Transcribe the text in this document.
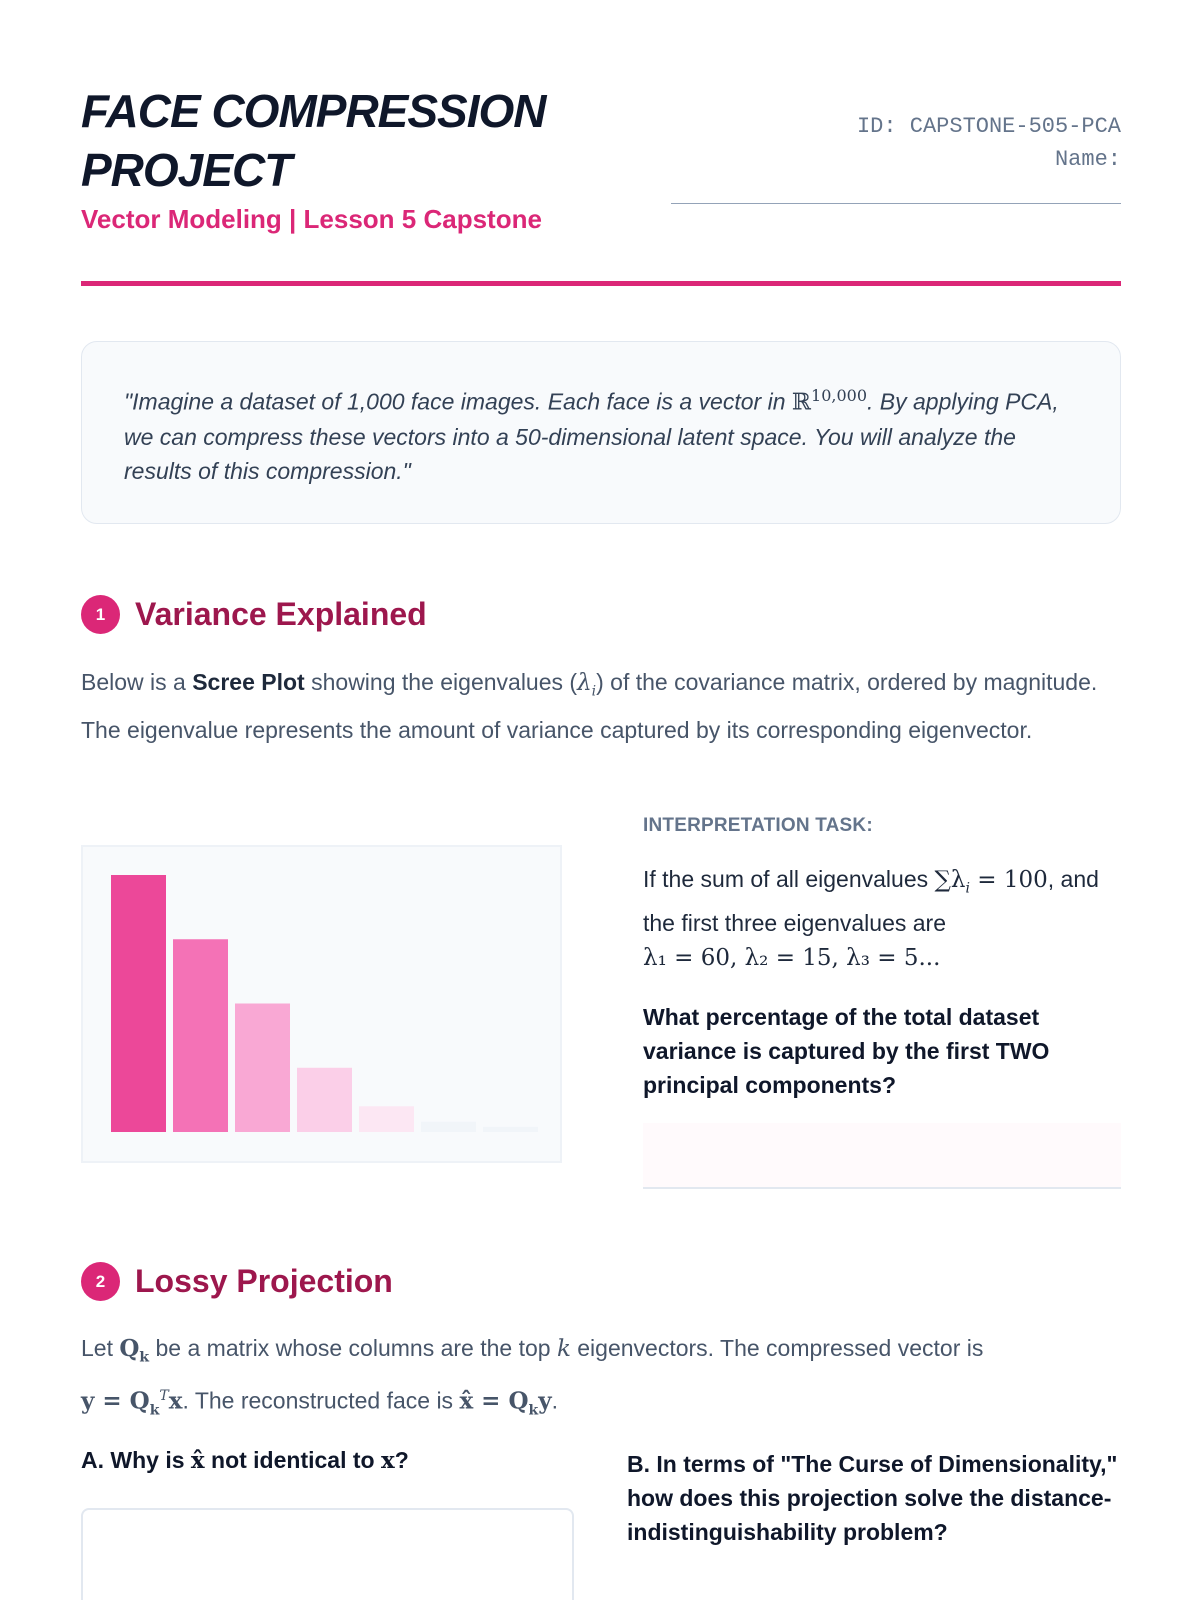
FACE COMPRESSION PROJECT
Vector Modeling | Lesson 5 Capstone
ID: CAPSTONE-505-PCA
Name:
"Imagine a dataset of 1,000 face images. Each face is a vector in ℝ$^{10,000}$. By applying PCA, we can compress these vectors into a 50-dimensional latent space. You will analyze the results of this compression."
1 Variance Explained
Below is a Scree Plot showing the eigenvalues $(\lambda_i)$ of the covariance matrix, ordered by magnitude. The eigenvalue represents the amount of variance captured by its corresponding eigenvector.
INTERPRETATION TASK:
If the sum of all eigenvalues $\sum\lambda_i = 100$, and the first three eigenvalues are
λ₁ = 60, λ₂ = 15, λ₃ = 5...
What percentage of the total dataset variance is captured by the first TWO principal components?
2 Lossy Projection
Let $Q_k$ be a matrix whose columns are the top k eigenvectors. The compressed vector is
$y = Q_k^Tx$. The reconstructed face is x̂ = $Q_ky$.
A. Why is x̂ not identical to x?	B. In terms of "The Curse of Dimensionality," how does this projection solve the distance-indistinguishability problem?
